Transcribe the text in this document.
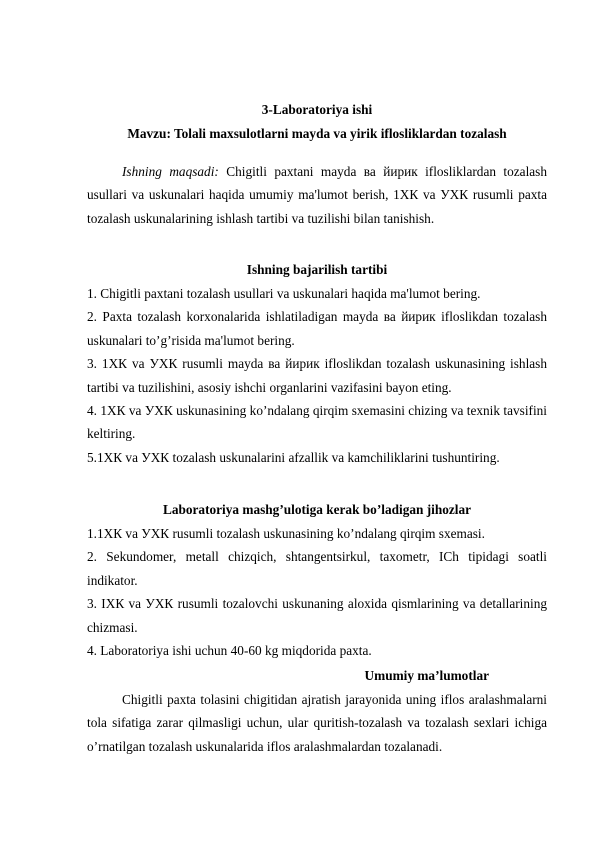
3-Laboratoriya ishi

Mavzu: Tolali maxsulotlarni mayda va yirik iflosliklardan tozalash

Ishning maqsadi: Chigitli paxtani mayda ва йирик iflosliklardan tozalash usullari va uskunalari haqida umumiy ma'lumot berish, 1ХК va УХК rusumli paxta tozalash uskunalarining ishlash tartibi va tuzilishi bilan tanishish.

Ishning bajarilish tartibi

1. Chigitli paxtani tozalash usullari va uskunalari haqida ma'lumot bering.

2. Paxta tozalash korxonalarida ishlatiladigan mayda ва йирик ifloslikdan tozalash uskunalari to’g’risida ma'lumot bering.

3. 1ХК va УХК rusumli mayda ва йирик ifloslikdan tozalash uskunasining ishlash tartibi va tuzilishini, asosiy ishchi organlarini vazifasini bayon eting.

4. 1ХК va УХК uskunasining ko’ndalang qirqim sxemasini chizing va texnik tavsifini keltiring.

5.1ХК va УХК tozalash uskunalarini afzallik va kamchiliklarini tushuntiring.

Laboratoriya mashg’ulotiga kerak bo’ladigan jihozlar

1.1ХК va УХК rusumli tozalash uskunasining ko’ndalang qirqim sxemasi.

2. Sekundomer, metall chizqich, shtangentsirkul, taxometr, ICh tipidagi soatli indikator.

3. IХК va УХК rusumli tozalovchi uskunaning aloxida qismlarining va detallarining chizmasi.

4. Laboratoriya ishi uchun 40-60 kg miqdorida paxta.

Umumiy ma’lumotlar

Chigitli paxta tolasini chigitidan ajratish jarayonida uning iflos aralashmalarni tola sifatiga zarar qilmasligi uchun, ular quritish-tozalash va tozalash sexlari ichiga o’rnatilgan tozalash uskunalarida iflos aralashmalardan tozalanadi.
